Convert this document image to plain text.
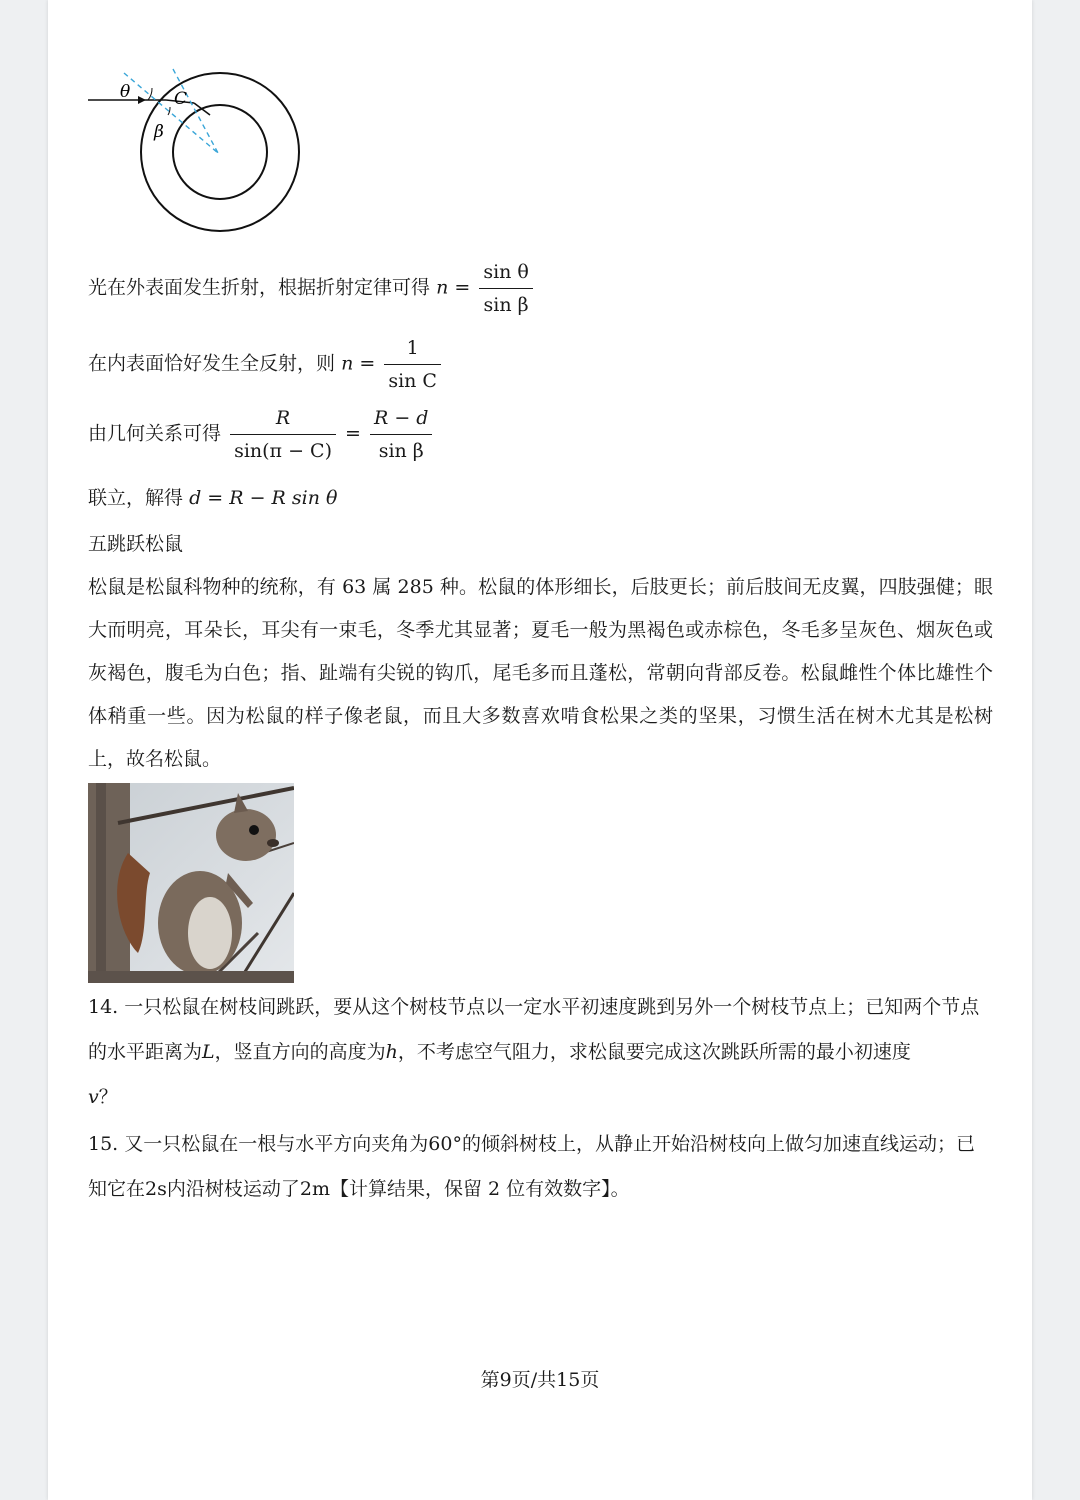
θ	C
β
光在外表面发生折射，根据折射定律可得 $n = \frac{\text{sin θ}}{\text{sin β}}$
在内表面恰好发生全反射，则 $n = \frac{1}{\text{sin C}}$
由几何关系可得 $\frac{R}{\sin(\pi - C)} = \frac{R - d}{\text{sin β}}$
联立，解得 d = R − R sin θ
五跳跃松鼠
松鼠是松鼠科物种的统称，有 63 属 285 种。松鼠的体形细长，后肢更长；前后肢间无皮翼，四肢强健；眼大而明亮，耳朵长，耳尖有一束毛，冬季尤其显著；夏毛一般为黑褐色或赤棕色，冬毛多呈灰色、烟灰色或灰褐色，腹毛为白色；指、趾端有尖锐的钩爪，尾毛多而且蓬松，常朝向背部反卷。松鼠雌性个体比雄性个体稍重一些。因为松鼠的样子像老鼠，而且大多数喜欢啃食松果之类的坚果，习惯生活在树木尤其是松树上，故名松鼠。
14. 一只松鼠在树枝间跳跃，要从这个树枝节点以一定水平初速度跳到另外一个树枝节点上；已知两个节点的水平距离为L，竖直方向的高度为h，不考虑空气阻力，求松鼠要完成这次跳跃所需的最小初速度
v？
15. 又一只松鼠在一根与水平方向夹角为60°的倾斜树枝上，从静止开始沿树枝向上做匀加速直线运动；已知它在2s内沿树枝运动了2m【计算结果，保留 2 位有效数字】。
第9页/共15页
